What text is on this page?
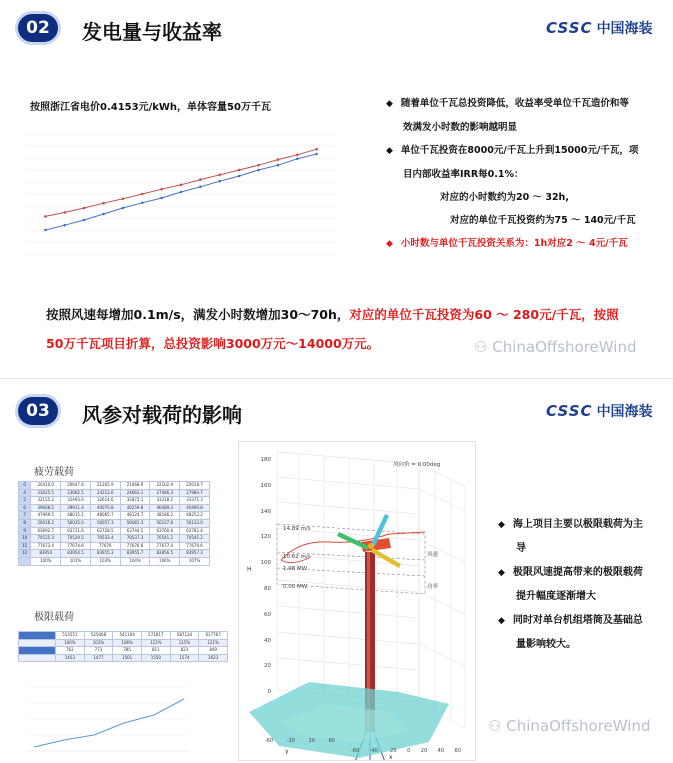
02	发电量与收益率	CSSC 中国海装
按照浙江省电价0.4153元/kWh，单体容量50万千瓦	◆ 随着单位千瓦总投资降低，收益率受单位千瓦造价和等
效满发小时数的影响越明显
◆ 单位千瓦投资在8000元/千瓦上升到15000元/千瓦，项
目内部收益率IRR每0.1%：
对应的小时数约为20 ～ 32h,
对应的单位千瓦投资约为75 ～ 140元/千瓦
◆ 小时数与单位千瓦投资关系为：1h对应2 ～ 4元/千瓦
按照风速每增加0.1m/s，满发小时数增加30～70h，对应的单位千瓦投资为60 ～ 280元/千瓦，按照
50万千瓦项目折算，总投资影响3000万元～14000万元。	⚇ ChinaOffshoreWind
03	风参对载荷的影响	CSSC 中国海装
疲劳载荷
0	20410.0	20647.6	21265.9	21668.9	22102.9	22018.7
4	23025.5	23662.5	24212.6	24663.1	27086.3	27980.7
5	32155.2	32493.6	32614.6	32872.1	33318.2	33371.3
6	39668.5	39911.4	40070.8	40259.8	40489.3	40490.8
7	47969.5	48015.1	48065.7	48124.7	48186.2	48252.2
8	56016.2	56035.0	56057.3	56081.3	56107.6	56133.0
9	63692.7	63711.6	63728.5	63744.5	63760.6	63782.4
10	70525.3	70529.5	70533.4	70537.3	70541.2	70545.2
11	77673.4	77674.6	77676	77676.6	77677.4	77679.6
12	83954	83954.5	83955.3	83955.7	83956.5	83957.3
	100%	101%	103%	104%	106%	107%
极限载荷
	513551	525068	541104	571817	587134	617767
	100%	103%	106%	112%	115%	121%
	762	773	785	811	823	849
	1453	1477	1501	1550	1574	1623
180
160
140
120
100
80
60
40
20
0
H
风向角 = 0.00deg
14.89 m/s
10.62 m/s
1.98 MW
0.00 MW
风速
功率
-60	-20	20	60
y	-60 -40 -20 0 20 40 60
x
◆ 海上项目主要以极限载荷为主
导
◆ 极限风速提高带来的极限载荷
提升幅度逐渐增大
◆ 同时对单台机组塔筒及基础总
量影响较大。
⚇ ChinaOffshoreWind
